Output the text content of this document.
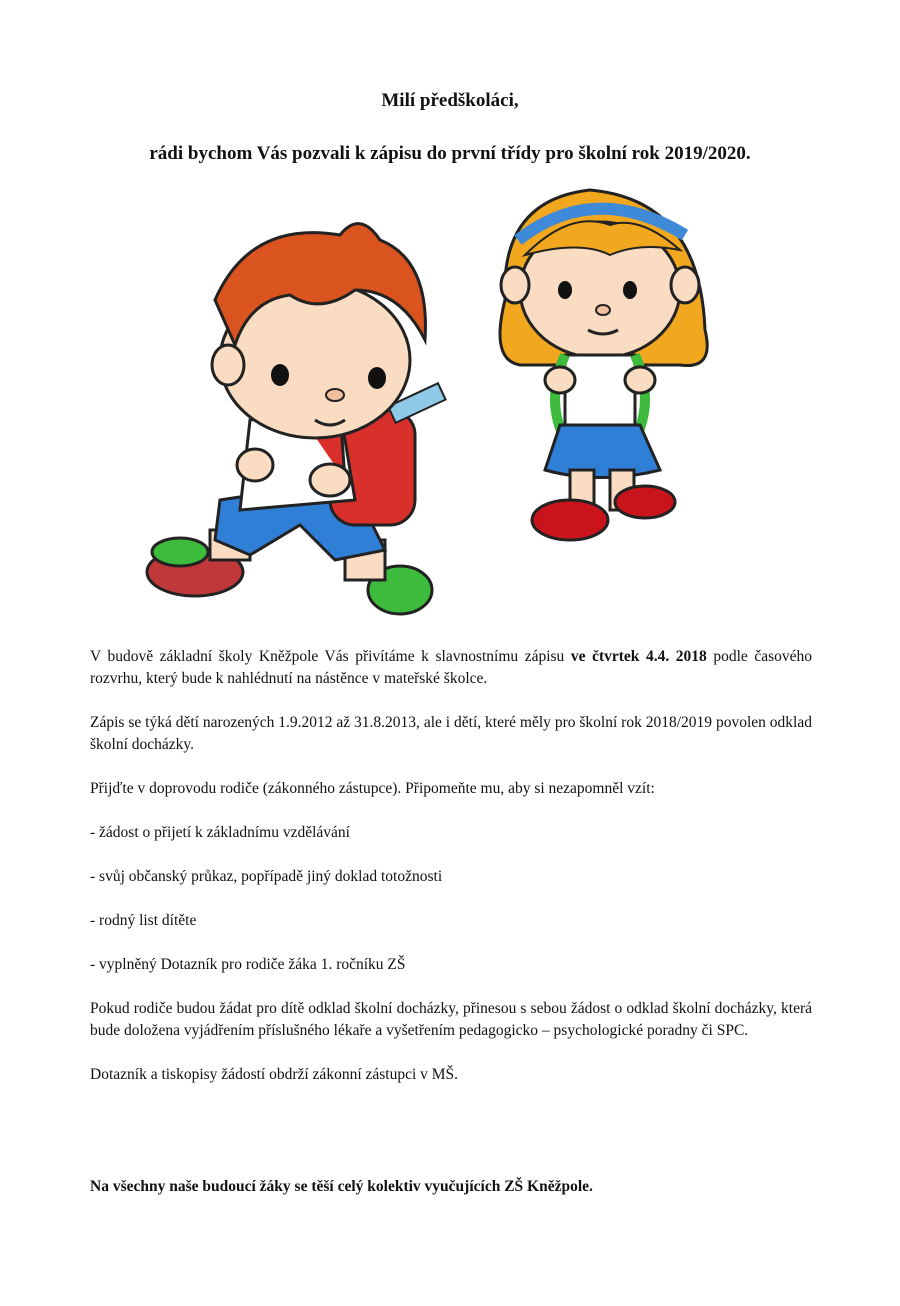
Milí předškoláci,
rádi bychom Vás pozvali k zápisu do první třídy pro školní rok 2019/2020.

V budově základní školy Kněžpole Vás přivítáme k slavnostnímu zápisu ve čtvrtek 4.4. 2018 podle časového rozvrhu, který bude k nahlédnutí na nástěnce v mateřské školce.

Zápis se týká dětí narozených 1.9.2012 až 31.8.2013, ale i dětí, které měly pro školní rok 2018/2019 povolen odklad školní docházky.

Přijďte v doprovodu rodiče (zákonného zástupce). Připomeňte mu, aby si nezapomněl vzít:

- žádost o přijetí k základnímu vzdělávání

- svůj občanský průkaz, popřípadě jiný doklad totožnosti

- rodný list dítěte

- vyplněný Dotazník pro rodiče žáka 1. ročníku ZŠ

Pokud rodiče budou žádat pro dítě odklad školní docházky, přinesou s sebou žádost o odklad školní docházky, která bude doložena vyjádřením příslušného lékaře a vyšetřením pedagogicko – psychologické poradny či SPC.

Dotazník a tiskopisy žádostí obdrží zákonní zástupci v MŠ.

Na všechny naše budoucí žáky se těší celý kolektiv vyučujících ZŠ Kněžpole.
